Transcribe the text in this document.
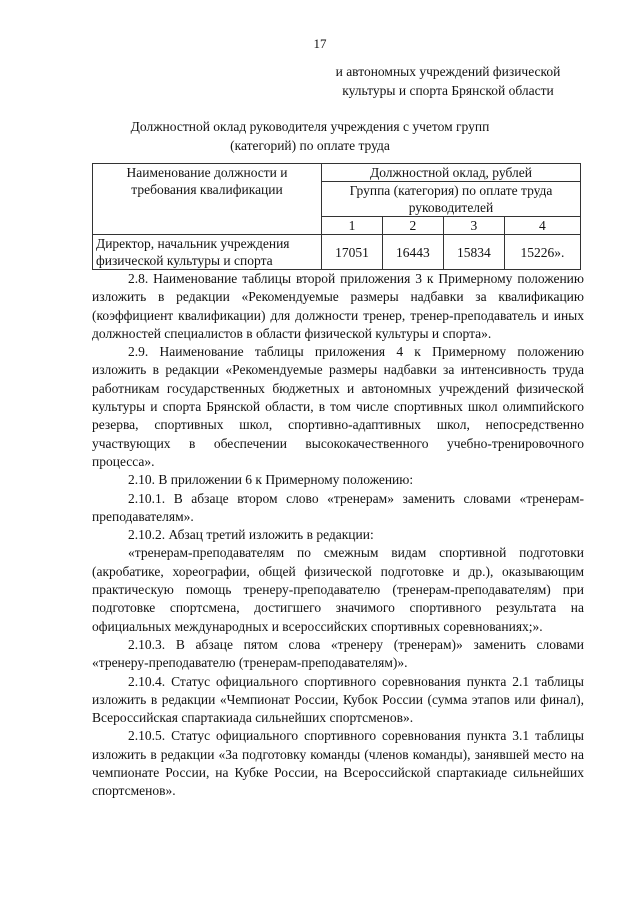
17
и автономных учреждений физической
культуры и спорта Брянской области
Должностной оклад руководителя учреждения с учетом групп
(категорий) по оплате труда
Наименование должности и требования квалификации	Должностной оклад, рублей			
	Группа (категория) по оплате труда руководителей			
	1	2	3	4
Директор, начальник учреждения физической культуры и спорта	17051	16443	15834	15226».

2.8. Наименование таблицы второй приложения 3 к Примерному положению изложить в редакции «Рекомендуемые размеры надбавки за квалификацию (коэффициент квалификации) для должности тренер, тренер-преподаватель и иных должностей специалистов в области физической культуры и спорта».

2.9. Наименование таблицы приложения 4 к Примерному положению изложить в редакции «Рекомендуемые размеры надбавки за интенсивность труда работникам государственных бюджетных и автономных учреждений физической культуры и спорта Брянской области, в том числе спортивных школ олимпийского резерва, спортивных школ, спортивно-адаптивных школ, непосредственно участвующих в обеспечении высококачественного учебно-тренировочного процесса».

2.10. В приложении 6 к Примерному положению:

2.10.1. В абзаце втором слово «тренерам» заменить словами «тренерам-преподавателям».

2.10.2. Абзац третий изложить в редакции:

«тренерам-преподавателям по смежным видам спортивной подготовки (акробатике, хореографии, общей физической подготовке и др.), оказывающим практическую помощь тренеру-преподавателю (тренерам-преподавателям) при подготовке спортсмена, достигшего значимого спортивного результата на официальных международных и всероссийских спортивных соревнованиях;».

2.10.3. В абзаце пятом слова «тренеру (тренерам)» заменить словами «тренеру-преподавателю (тренерам-преподавателям)».

2.10.4. Статус официального спортивного соревнования пункта 2.1 таблицы изложить в редакции «Чемпионат России, Кубок России (сумма этапов или финал), Всероссийская спартакиада сильнейших спортсменов».

2.10.5. Статус официального спортивного соревнования пункта 3.1 таблицы изложить в редакции «За подготовку команды (членов команды), занявшей место на чемпионате России, на Кубке России, на Всероссийской спартакиаде сильнейших спортсменов».
